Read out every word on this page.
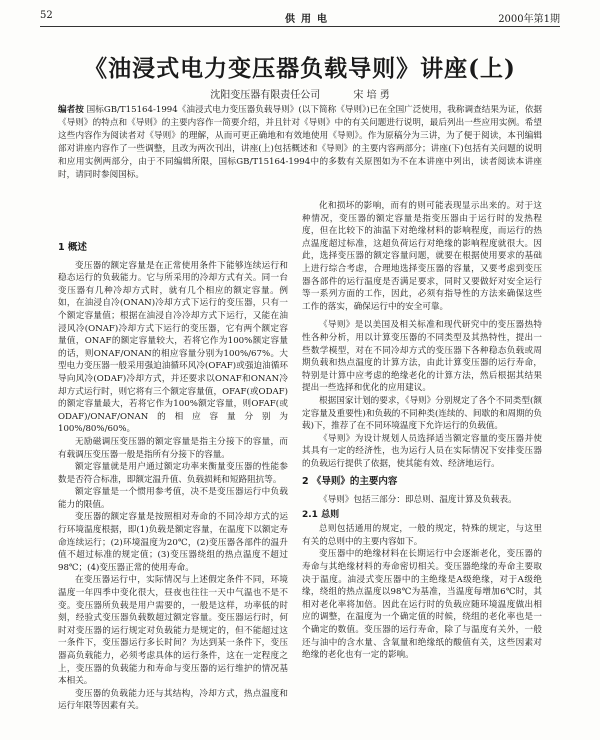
52	供用电	2000年第1期
《油浸式电力变压器负载导则》讲座(上)
沈阳变压器有限责任公司	宋 培 勇
编者按 国标GB/T15164-1994《油浸式电力变压器负载导则》(以下简称《导则》)已在全国广泛使用，我称调查结果为证，依据《导则》的特点和《导则》的主要内容作一简要介绍，并且针对《导则》中的有关问题进行说明，最后列出一些应用实例。希望这些内容作为阅读者对《导则》的理解，从而可更正确地和有效地使用《导则》。作为原稿分为三讲，为了便于阅读，本刊编辑部对讲座内容作了一些调整，且改为两次刊出，讲座(上)包括概述和《导则》的主要内容两部分；讲座(下)包括有关问题的说明和应用实例两部分，由于不同编辑所限，国标GB/T15164-1994中的多数有关原图如为不在本讲座中列出，读者阅读本讲座时，请同时参阅国标。
1 概述

变压器的额定容量是在正常使用条件下能够连续运行和稳态运行的负载能力。它与所采用的冷却方式有关。同一台变压器有几种冷却方式时，就有几个相应的额定容量。例如，在油浸自冷(ONAN)冷却方式下运行的变压器，只有一个额定容量值；根据在油浸自冷冷却方式下运行，又能在油浸风冷(ONAF)冷却方式下运行的变压器，它有两个额定容量值，ONAF的额定容量较大，若将它作为100%额定容量的话，则ONAF/ONAN的相应容量分别为100%/67%。大型电力变压器一般采用强迫油循环风冷(OFAF)或强迫油循环导向风冷(ODAF)冷却方式，并还要求以ONAF和ONAN冷却方式运行时，则它将有三个额定容量值，OFAF(或ODAF)的额定容量最大，若将它作为100%额定容量，则OFAF(或ODAF)/ONAF/ONAN的相应容量分别为100%/80%/60%。

无励磁调压变压器的额定容量是指主分接下的容量，而有载调压变压器一般是指所有分接下的容量。

额定容量就是用户通过额定功率来衡量变压器的性能参数是否符合标准，即额定温升值、负载损耗和短路阻抗等。

额定容量是一个惯用参考值，决不是变压器运行中负载能力的限值。

变压器的额定容量是按照相对寿命的不同冷却方式的运行环境温度根据，即(1)负载是额定容量，在温度下以额定寿命连续运行；(2)环境温度为20℃，(2)变压器各部件的温升值不超过标准的规定值；(3)变压器绕组的热点温度不超过98℃；(4)变压器正常的使用寿命。

在变压器运行中，实际情况与上述假定条件不同，环境温度一年四季中变化很大，昼夜也往往一天中气温也不是不变。变压器所负载是用户需要的，一般是这样，功率低的时刻，经验式变压器负载数超过额定容量。变压器运行时，何时对变压器的运行规定对负载能力是规定的，但不能超过这一条件下，变压器运行多长时间？为达到某一条件下，变压器高负载能力，必须考虑具体的运行条件，这在一定程度之上，变压器的负载能力和寿命与变压器的运行维护的情况基本相关。

变压器的负载能力还与其结构，冷却方式，热点温度和运行年限等因素有关。

化和损坏的影响，而有的则可能表现显示出来的。对于这种情况，变压器的额定容量是指变压器由于运行时的发热程度，但在比较下的油温下对绝缘材料的影响程度，而运行的热点温度超过标准，这超负荷运行对绝缘的影响程度就很大。因此，选择变压器的额定容量问题，就要在根据使用要求的基础上进行综合考虑，合理地选择变压器的容量，又要考虑到变压器各部件的运行温度是否满足要求，同时又要做好对安全运行等一系列方面的工作，因此，必须有指导性的方法来确保这些工作的落实，确保运行中的安全可靠。

《导则》是以美国及相关标准和现代研究中的变压器热特性各种分析，用以计算变压器的不同类型及其热特性，提出一些数学模型，对在不同冷却方式的变压器下各种稳态负载或周期负载和热点温度的计算方法，由此计算变压器的运行寿命，特别是计算中应考虑的绝缘老化的计算方法，然后根据其结果提出一些选择和优化的应用建议。

根据国家计划的要求，《导则》分别规定了各个不同类型(额定容量及重要性)和负载的不同种类(连续的、间歇的和周期的负载)下，推荐了在不同环境温度下允许运行的负载值。

《导则》为设计规划人员选择适当额定容量的变压器并使其具有一定的经济性，也为运行人员在实际情况下安排变压器的负载运行提供了依据，使其能有效、经济地运行。

2 《导则》的主要内容

《导则》包括三部分：即总则、温度计算及负载表。

2.1 总则

总则包括通用的规定，一般的规定，特殊的规定，与这里有关的总则中的主要内容如下。

变压器中的绝缘材料在长期运行中会逐渐老化，变压器的寿命与其绝缘材料的寿命密切相关。变压器绝缘的寿命主要取决于温度。油浸式变压器中的主绝缘是A级绝缘，对于A级绝缘，绕组的热点温度以98℃为基准，当温度每增加6℃时，其相对老化率将加倍。因此在运行时的负载应随环境温度做出相应的调整，在温度为一个确定值的时候，绕组的老化率也是一个确定的数值。变压器的运行寿命，除了与温度有关外，一般还与油中的含水量、含氧量和绝缘纸的酸值有关，这些因素对绝缘的老化也有一定的影响。
